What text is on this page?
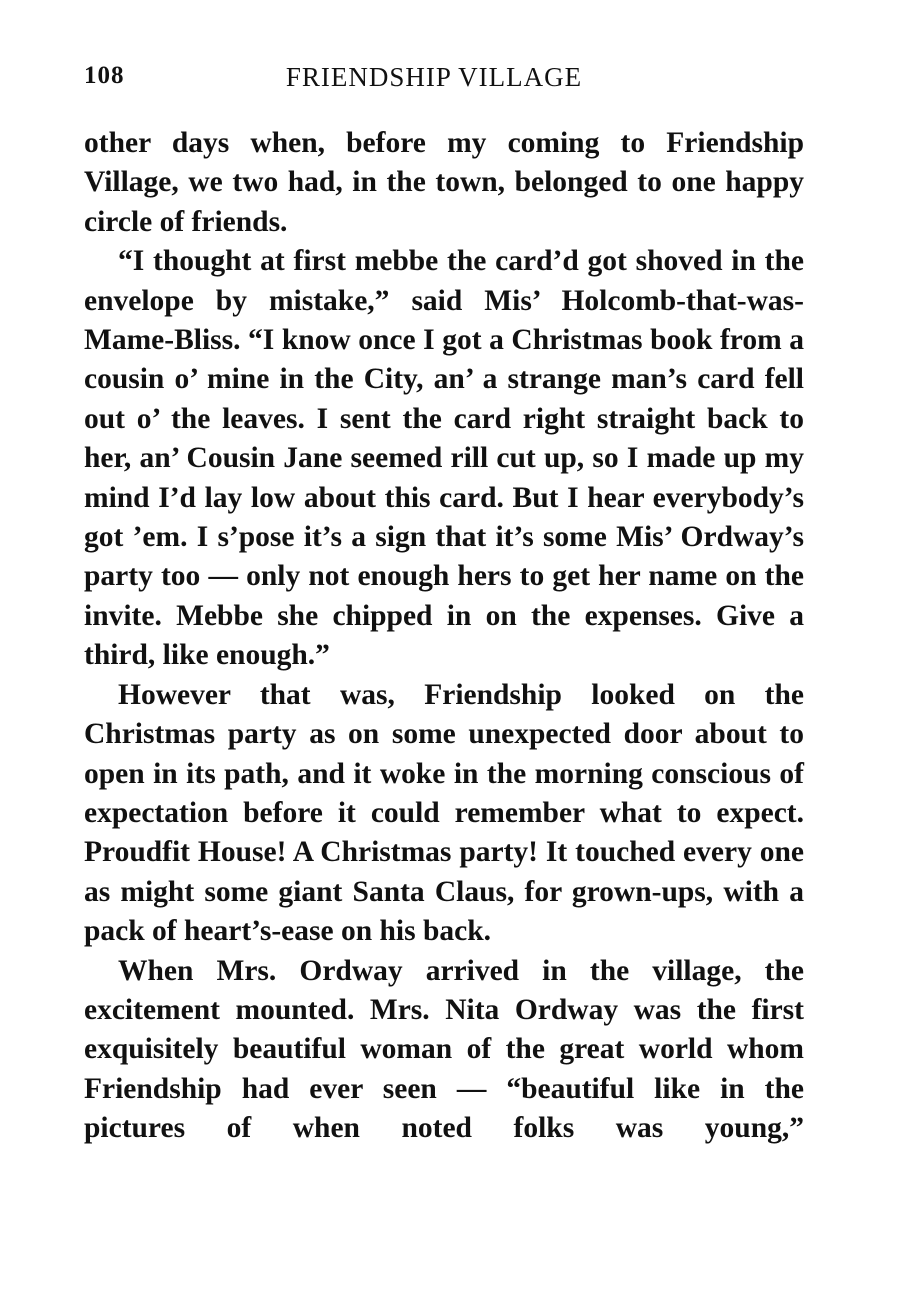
108	FRIENDSHIP VILLAGE

other days when, before my coming to Friendship Village, we two had, in the town, belonged to one happy circle of friends.

“I thought at first mebbe the card’d got shoved in the envelope by mistake,” said Mis’ Holcomb-that-was-Mame-Bliss. “I know once I got a Christmas book from a cousin o’ mine in the City, an’ a strange man’s card fell out o’ the leaves. I sent the card right straight back to her, an’ Cousin Jane seemed rill cut up, so I made up my mind I’d lay low about this card. But I hear everybody’s got ’em. I s’pose it’s a sign that it’s some Mis’ Ordway’s party too — only not enough hers to get her name on the invite. Mebbe she chipped in on the expenses. Give a third, like enough.”

However that was, Friendship looked on the Christmas party as on some unexpected door about to open in its path, and it woke in the morning conscious of expectation before it could remember what to expect. Proudfit House! A Christmas party! It touched every one as might some giant Santa Claus, for grown-ups, with a pack of heart’s-ease on his back.

When Mrs. Ordway arrived in the village, the excitement mounted. Mrs. Nita Ordway was the first exquisitely beautiful woman of the great world whom Friendship had ever seen — “beautiful like in the pictures of when noted folks was young,”
